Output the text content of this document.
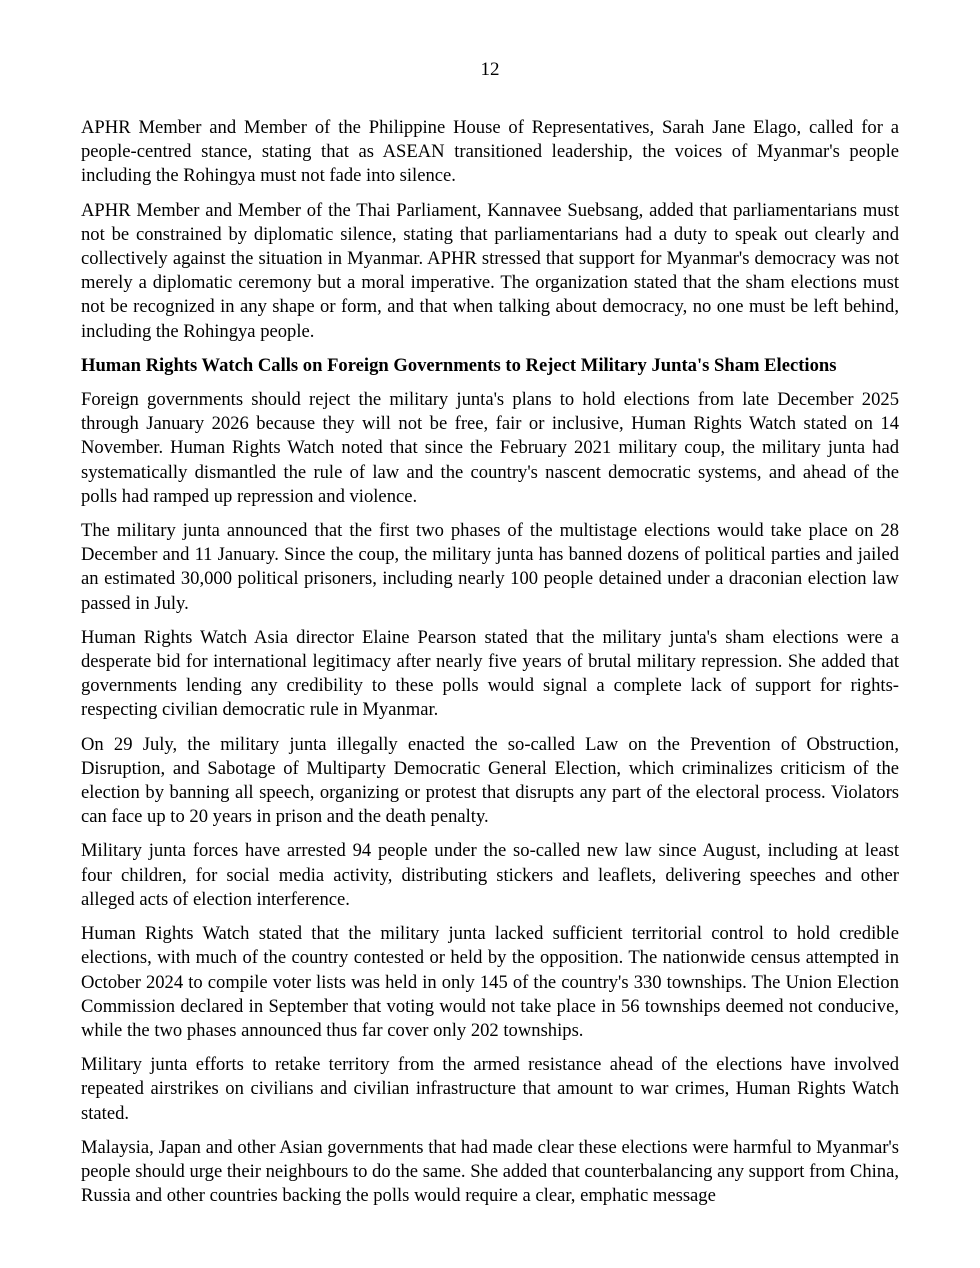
12

APHR Member and Member of the Philippine House of Representatives, Sarah Jane Elago, called for a people-centred stance, stating that as ASEAN transitioned leadership, the voices of Myanmar's people including the Rohingya must not fade into silence.

APHR Member and Member of the Thai Parliament, Kannavee Suebsang, added that parliamentarians must not be constrained by diplomatic silence, stating that parliamentarians had a duty to speak out clearly and collectively against the situation in Myanmar. APHR stressed that support for Myanmar's democracy was not merely a diplomatic ceremony but a moral imperative. The organization stated that the sham elections must not be recognized in any shape or form, and that when talking about democracy, no one must be left behind, including the Rohingya people.

Human Rights Watch Calls on Foreign Governments to Reject Military Junta's Sham Elections

Foreign governments should reject the military junta's plans to hold elections from late December 2025 through January 2026 because they will not be free, fair or inclusive, Human Rights Watch stated on 14 November. Human Rights Watch noted that since the February 2021 military coup, the military junta had systematically dismantled the rule of law and the country's nascent democratic systems, and ahead of the polls had ramped up repression and violence.

The military junta announced that the first two phases of the multistage elections would take place on 28 December and 11 January. Since the coup, the military junta has banned dozens of political parties and jailed an estimated 30,000 political prisoners, including nearly 100 people detained under a draconian election law passed in July.

Human Rights Watch Asia director Elaine Pearson stated that the military junta's sham elections were a desperate bid for international legitimacy after nearly five years of brutal military repression. She added that governments lending any credibility to these polls would signal a complete lack of support for rights-respecting civilian democratic rule in Myanmar.

On 29 July, the military junta illegally enacted the so-called Law on the Prevention of Obstruction, Disruption, and Sabotage of Multiparty Democratic General Election, which criminalizes criticism of the election by banning all speech, organizing or protest that disrupts any part of the electoral process. Violators can face up to 20 years in prison and the death penalty.

Military junta forces have arrested 94 people under the so-called new law since August, including at least four children, for social media activity, distributing stickers and leaflets, delivering speeches and other alleged acts of election interference.

Human Rights Watch stated that the military junta lacked sufficient territorial control to hold credible elections, with much of the country contested or held by the opposition. The nationwide census attempted in October 2024 to compile voter lists was held in only 145 of the country's 330 townships. The Union Election Commission declared in September that voting would not take place in 56 townships deemed not conducive, while the two phases announced thus far cover only 202 townships.

Military junta efforts to retake territory from the armed resistance ahead of the elections have involved repeated airstrikes on civilians and civilian infrastructure that amount to war crimes, Human Rights Watch stated.

Malaysia, Japan and other Asian governments that had made clear these elections were harmful to Myanmar's people should urge their neighbours to do the same. She added that counterbalancing any support from China, Russia and other countries backing the polls would require a clear, emphatic message
